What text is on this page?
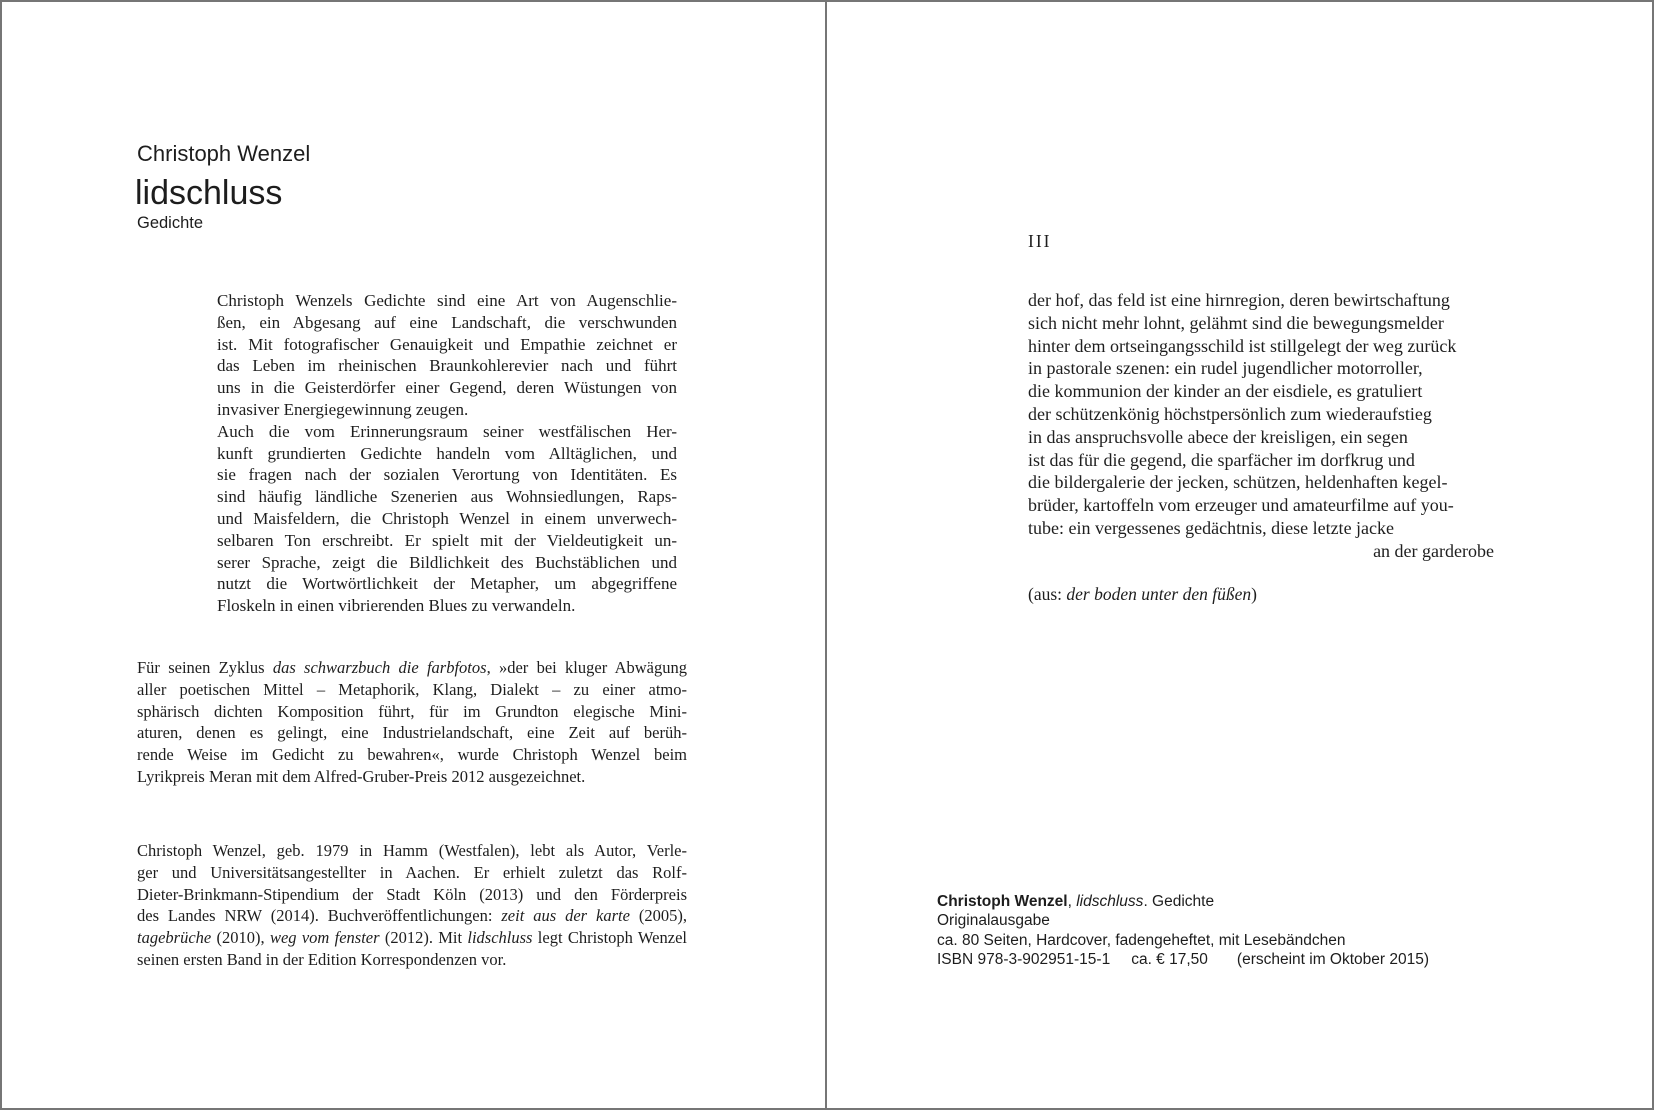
Christoph Wenzel
lidschluss
Gedichte
Christoph Wenzels Gedichte sind eine Art von Augenschlie-
ßen, ein Abgesang auf eine Landschaft, die verschwunden
ist. Mit fotografischer Genauigkeit und Empathie zeichnet er
das Leben im rheinischen Braunkohlerevier nach und führt
uns in die Geisterdörfer einer Gegend, deren Wüstungen von
invasiver Energiegewinnung zeugen.
Auch die vom Erinnerungsraum seiner westfälischen Her-
kunft grundierten Gedichte handeln vom Alltäglichen, und
sie fragen nach der sozialen Verortung von Identitäten. Es
sind häufig ländliche Szenerien aus Wohnsiedlungen, Raps-
und Maisfeldern, die Christoph Wenzel in einem unverwech-
selbaren Ton erschreibt. Er spielt mit der Vieldeutigkeit un-
serer Sprache, zeigt die Bildlichkeit des Buchstäblichen und
nutzt die Wortwörtlichkeit der Metapher, um abgegriffene
Floskeln in einen vibrierenden Blues zu verwandeln.
Für seinen Zyklus das schwarzbuch die farbfotos, »der bei kluger Abwägung
aller poetischen Mittel – Metaphorik, Klang, Dialekt – zu einer atmo-
sphärisch dichten Komposition führt, für im Grundton elegische Mini-
aturen, denen es gelingt, eine Industrielandschaft, eine Zeit auf berüh-
rende Weise im Gedicht zu bewahren«, wurde Christoph Wenzel beim
Lyrikpreis Meran mit dem Alfred-Gruber-Preis 2012 ausgezeichnet.
Christoph Wenzel, geb. 1979 in Hamm (Westfalen), lebt als Autor, Verle-
ger und Universitätsangestellter in Aachen. Er erhielt zuletzt das Rolf-
Dieter-Brinkmann-Stipendium der Stadt Köln (2013) und den Förderpreis
des Landes NRW (2014). Buchveröffentlichungen: zeit aus der karte (2005),
tagebrüche (2010), weg vom fenster (2012). Mit lidschluss legt Christoph Wenzel
seinen ersten Band in der Edition Korrespondenzen vor.
III
der hof, das feld ist eine hirnregion, deren bewirtschaftung
sich nicht mehr lohnt, gelähmt sind die bewegungsmelder
hinter dem ortseingangsschild ist stillgelegt der weg zurück
in pastorale szenen: ein rudel jugendlicher motorroller,
die kommunion der kinder an der eisdiele, es gratuliert
der schützenkönig höchstpersönlich zum wiederaufstieg
in das anspruchsvolle abece der kreisligen, ein segen
ist das für die gegend, die sparfächer im dorfkrug und
die bildergalerie der jecken, schützen, heldenhaften kegel-
brüder, kartoffeln vom erzeuger und amateurfilme auf you-
tube: ein vergessenes gedächtnis, diese letzte jacke
an der garderobe
(aus: der boden unter den füßen)
Christoph Wenzel, lidschluss. Gedichte
Originalausgabe
ca. 80 Seiten, Hardcover, fadengeheftet, mit Lesebändchen
ISBN 978-3-902951-15-1 ca. € 17,50 (erscheint im Oktober 2015)
